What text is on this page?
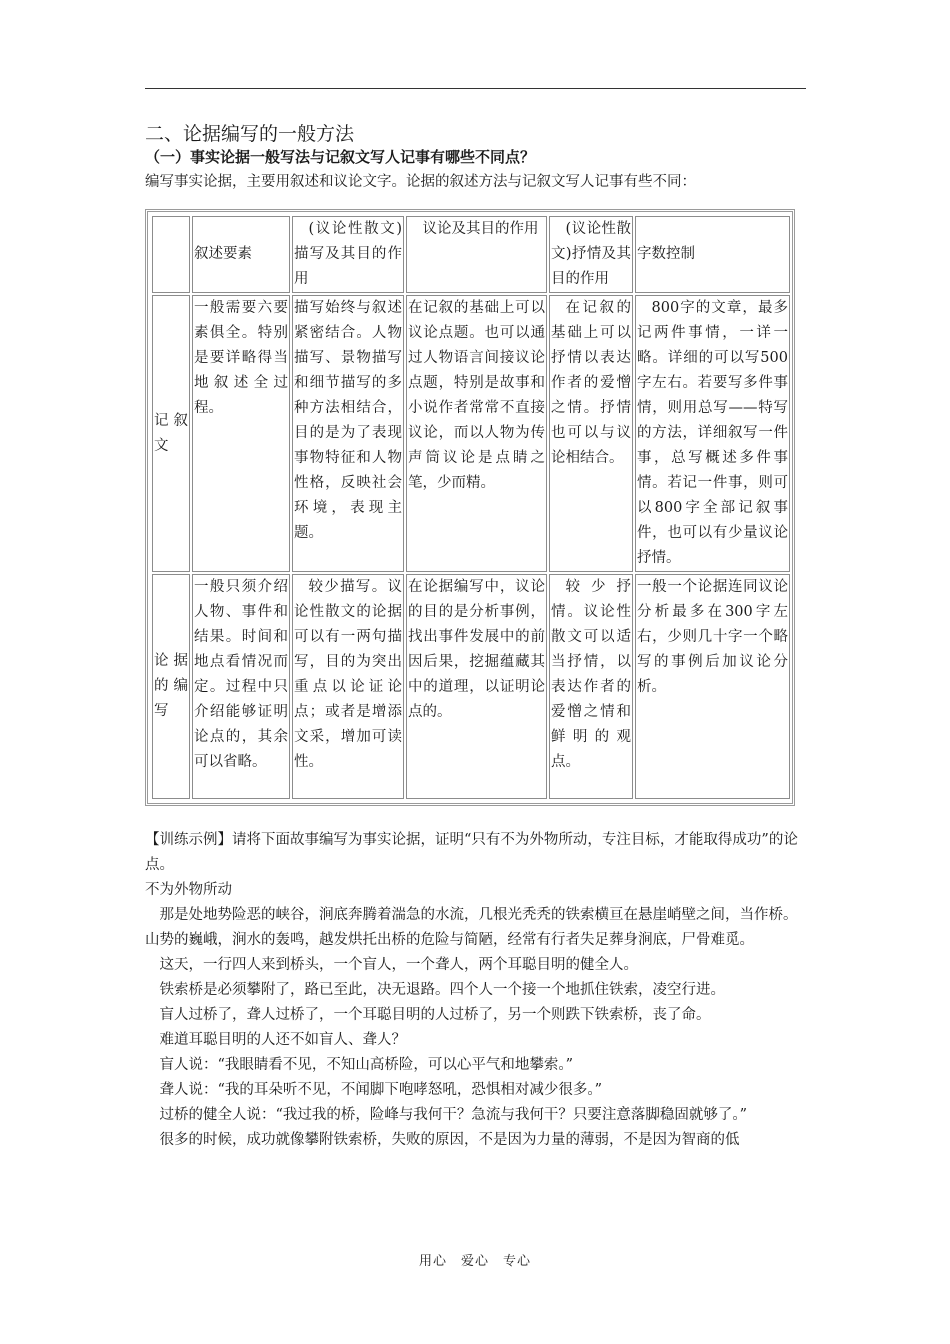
二、论据编写的一般方法
（一）事实论据一般写法与记叙文写人记事有哪些不同点？

编写事实论据，主要用叙述和议论文字。论据的叙述方法与记叙文写人记事有些不同：

	叙述要素	(议论性散文)描写及其目的作用	议论及其目的作用	(议论性散文)抒情及其目的作用	字数控制
记 叙文	一般需要六要素俱全。特别是要详略得当地叙述全过程。	描写始终与叙述紧密结合。人物描写、景物描写和细节描写的多种方法相结合，目的是为了表现事物特征和人物性格，反映社会环境，表现主题。	在记叙的基础上可以议论点题。也可以通过人物语言间接议论点题，特别是故事和小说作者常常不直接议论，而以人物为传声筒议论是点睛之笔，少而精。	在记叙的基础上可以抒情以表达作者的爱憎之情。抒情也可以与议论相结合。	800字的文章，最多记两件事情，一详一略。详细的可以写500字左右。若要写多件事情，则用总写——特写的方法，详细叙写一件事，总写概述多件事情。若记一件事，则可以800字全部记叙事件，也可以有少量议论抒情。
论据的 编写	一般只须介绍人物、事件和结果。时间和地点看情况而定。过程中只介绍能够证明论点的，其余可以省略。	较少描写。议论性散文的论据可以有一两句描写，目的为突出重点以论证论点；或者是增添文采，增加可读性。	在论据编写中，议论的目的是分析事例，找出事件发展中的前因后果，挖掘蕴藏其中的道理，以证明论点的。	较少抒情。议论性散文可以适当抒情，以表达作者的爱憎之情和鲜明的观点。	一般一个论据连同议论分析最多在300字左右，少则几十字一个略写的事例后加议论分析。

【训练示例】请将下面故事编写为事实论据，证明“只有不为外物所动，专注目标，才能取得成功”的论点。

不为外物所动

那是处地势险恶的峡谷，涧底奔腾着湍急的水流，几根光秃秃的铁索横亘在悬崖峭壁之间，当作桥。

山势的巍峨，涧水的轰鸣，越发烘托出桥的危险与简陋，经常有行者失足葬身涧底，尸骨难觅。

这天，一行四人来到桥头，一个盲人，一个聋人，两个耳聪目明的健全人。

铁索桥是必须攀附了，路已至此，决无退路。四个人一个接一个地抓住铁索，凌空行进。

盲人过桥了，聋人过桥了，一个耳聪目明的人过桥了，另一个则跌下铁索桥，丧了命。

难道耳聪目明的人还不如盲人、聋人？

盲人说：“我眼睛看不见，不知山高桥险，可以心平气和地攀索。”

聋人说：“我的耳朵听不见，不闻脚下咆哮怒吼，恐惧相对减少很多。”

过桥的健全人说：“我过我的桥，险峰与我何干？急流与我何干？只要注意落脚稳固就够了。”

很多的时候，成功就像攀附铁索桥，失败的原因，不是因为力量的薄弱，不是因为智商的低

用心　爱心　专心
